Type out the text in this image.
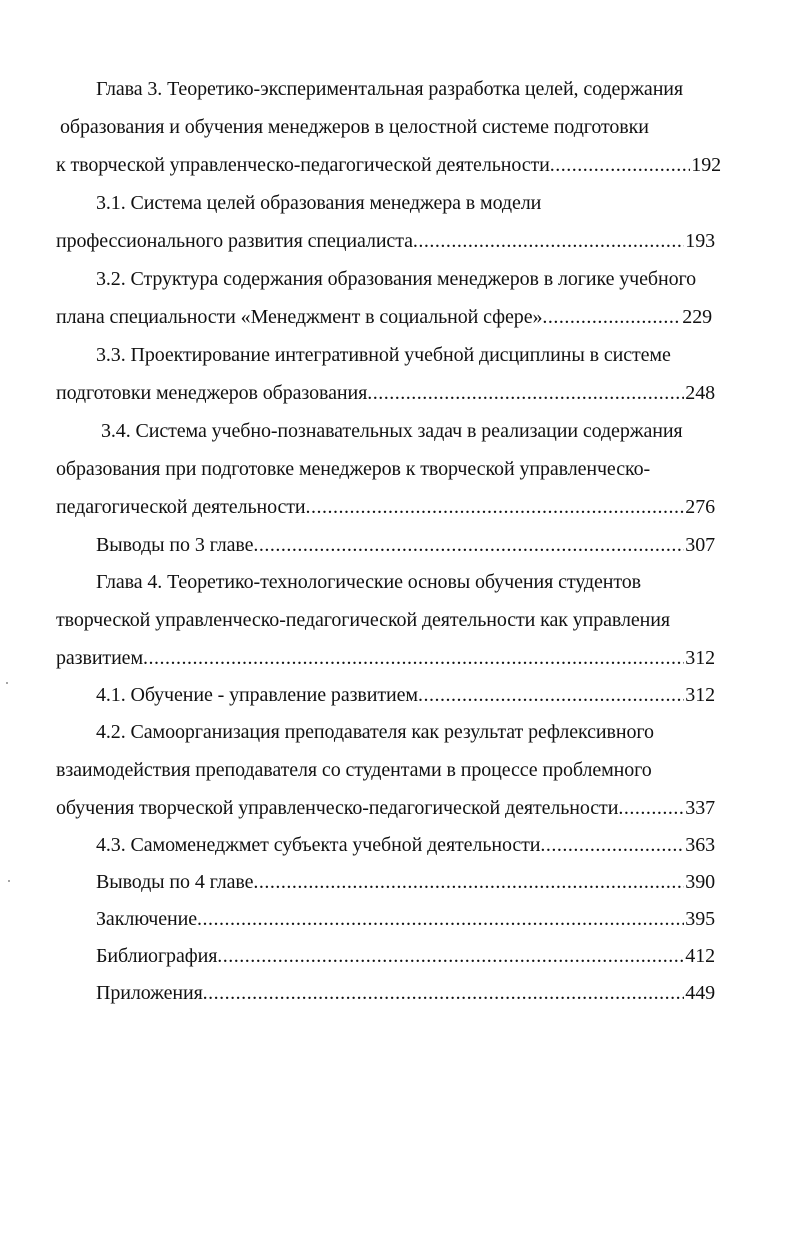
Глава 3. Теоретико-экспериментальная разработка целей, содержания
образования и обучения менеджеров в целостной системе подготовки
к творческой управленческо-педагогической деятельности .....	192
3.1. Система целей образования менеджера в модели
профессионального развития специалиста .....	193
3.2. Структура содержания образования менеджеров в логике учебного
плана специальности «Менеджмент в социальной сфере» .....	229
3.3. Проектирование интегративной учебной дисциплины в системе
подготовки менеджеров образования .....	248
3.4. Система учебно-познавательных задач в реализации содержания
образования при подготовке менеджеров к творческой управленческо-
педагогической деятельности .....	276
Выводы по 3 главе .....	307
Глава 4. Теоретико-технологические основы обучения студентов
творческой управленческо-педагогической деятельности как управления
развитием .....	312
4.1. Обучение - управление развитием .....	312
4.2. Самоорганизация преподавателя как результат рефлексивного
взаимодействия преподавателя со студентами в процессе проблемного
обучения творческой управленческо-педагогической деятельности .....	337
4.3. Самоменеджмет субъекта учебной деятельности .....	363
Выводы по 4 главе .....	390
Заключение .....	395
Библиография .....	412
Приложения .....	449
